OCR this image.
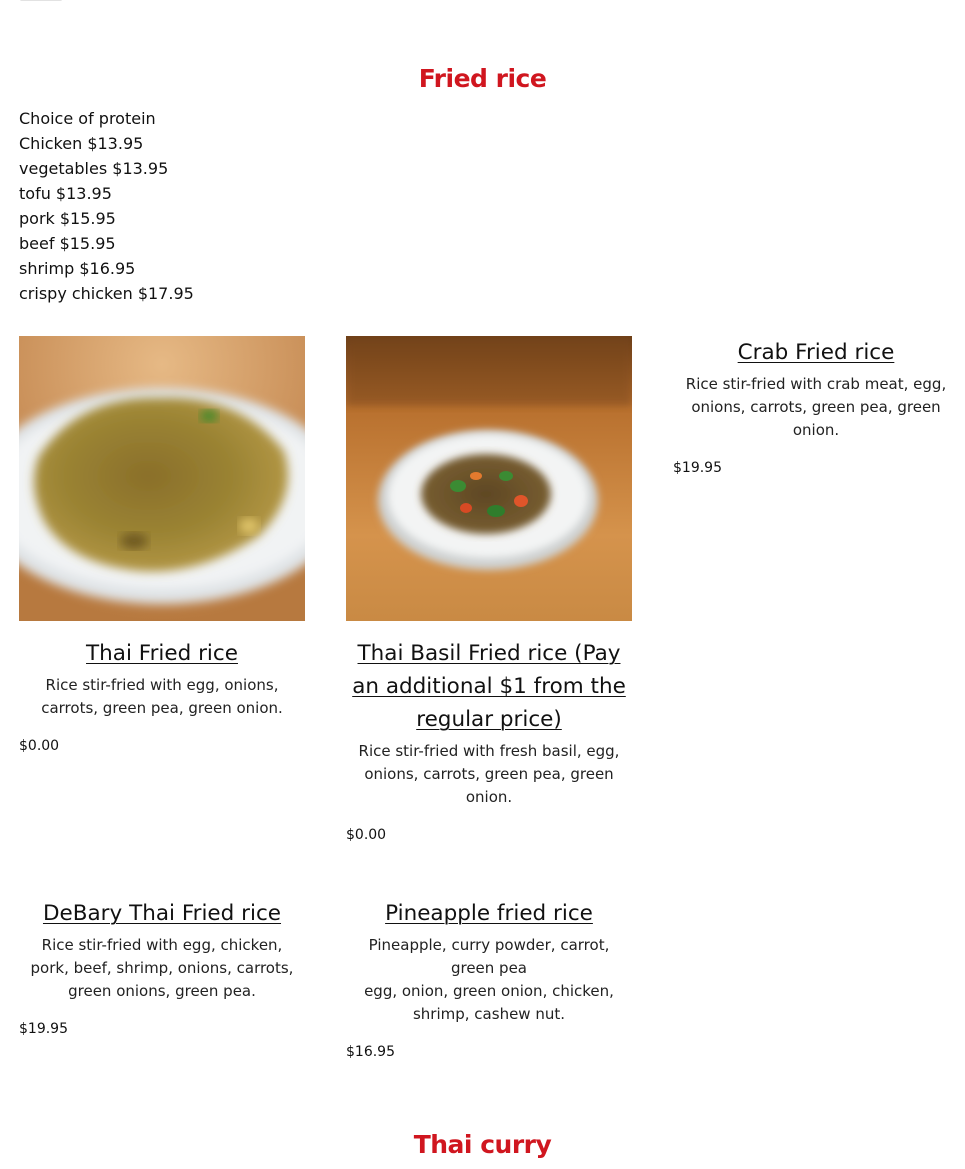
Fried rice
Choice of protein
Chicken $13.95
vegetables $13.95
tofu $13.95
pork $15.95
beef $15.95
shrimp $16.95
crispy chicken $17.95
Thai Fried rice

Rice stir-fried with egg, onions, carrots, green pea, green onion.

$0.00
Thai Basil Fried rice (Pay an additional $1 from the regular price)

Rice stir-fried with fresh basil, egg, onions, carrots, green pea, green onion.

$0.00
Crab Fried rice

Rice stir-fried with crab meat, egg, onions, carrots, green pea, green onion.

$19.95
DeBary Thai Fried rice

Rice stir-fried with egg, chicken, pork, beef, shrimp, onions, carrots, green onions, green pea.

$19.95
Pineapple fried rice

Pineapple, curry powder, carrot, green pea
egg, onion, green onion, chicken, shrimp, cashew nut.

$16.95
Thai curry
